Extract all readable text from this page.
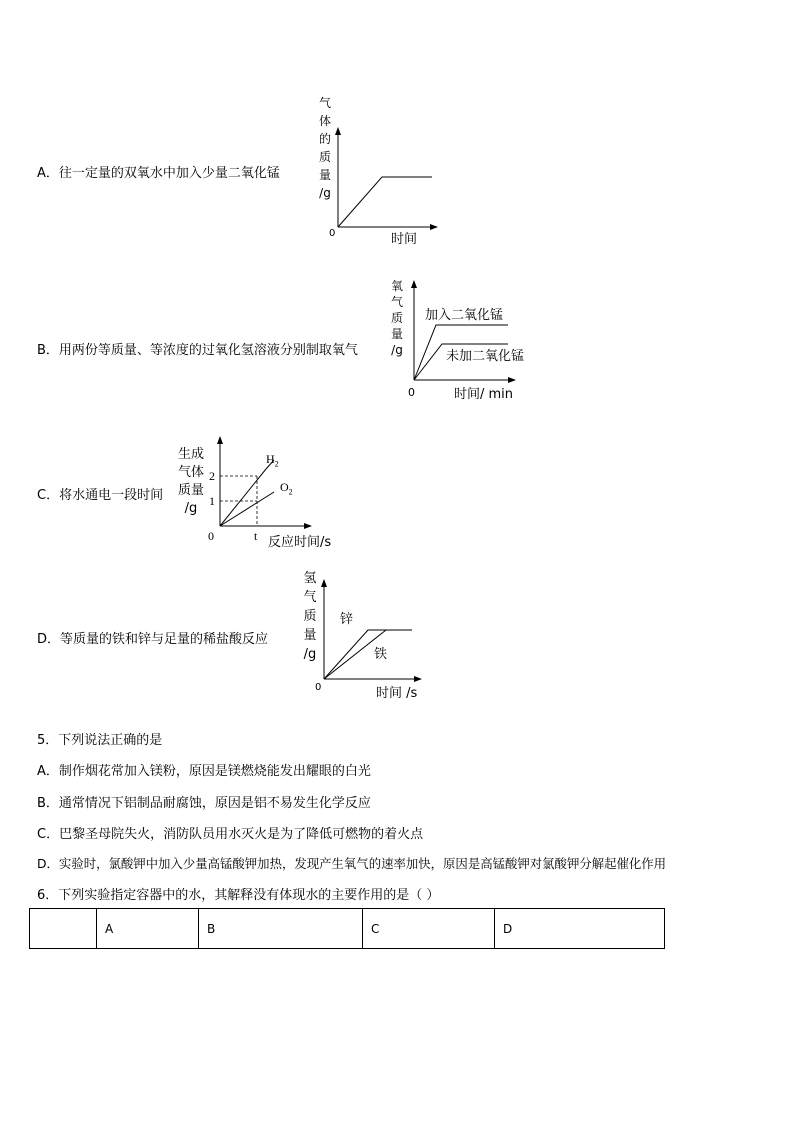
A．往一定量的双氧水中加入少量二氧化锰
气
体
的
质
量
/g
0	时间
B．用两份等质量、等浓度的过氧化氢溶液分别制取氧气
氧
气
质
量
/g
加入二氧化锰
未加二氧化锰
0	时间/ min
C．将水通电一段时间
生成
气体
质量
/g
$H_2$
$O_2$
2
1
0	t 反应时间/s
D．等质量的铁和锌与足量的稀盐酸反应
氢
气
质
量
/g
锌
铁
0	时间 /s
5．下列说法正确的是
A．制作烟花常加入镁粉，原因是镁燃烧能发出耀眼的白光
B．通常情况下铝制品耐腐蚀，原因是铝不易发生化学反应
C．巴黎圣母院失火，消防队员用水灭火是为了降低可燃物的着火点
D．实验时，氯酸钾中加入少量高锰酸钾加热，发现产生氧气的速率加快，原因是高锰酸钾对氯酸钾分解起催化作用
6．下列实验指定容器中的水，其解释没有体现水的主要作用的是（ ）
	A	B	C	D
